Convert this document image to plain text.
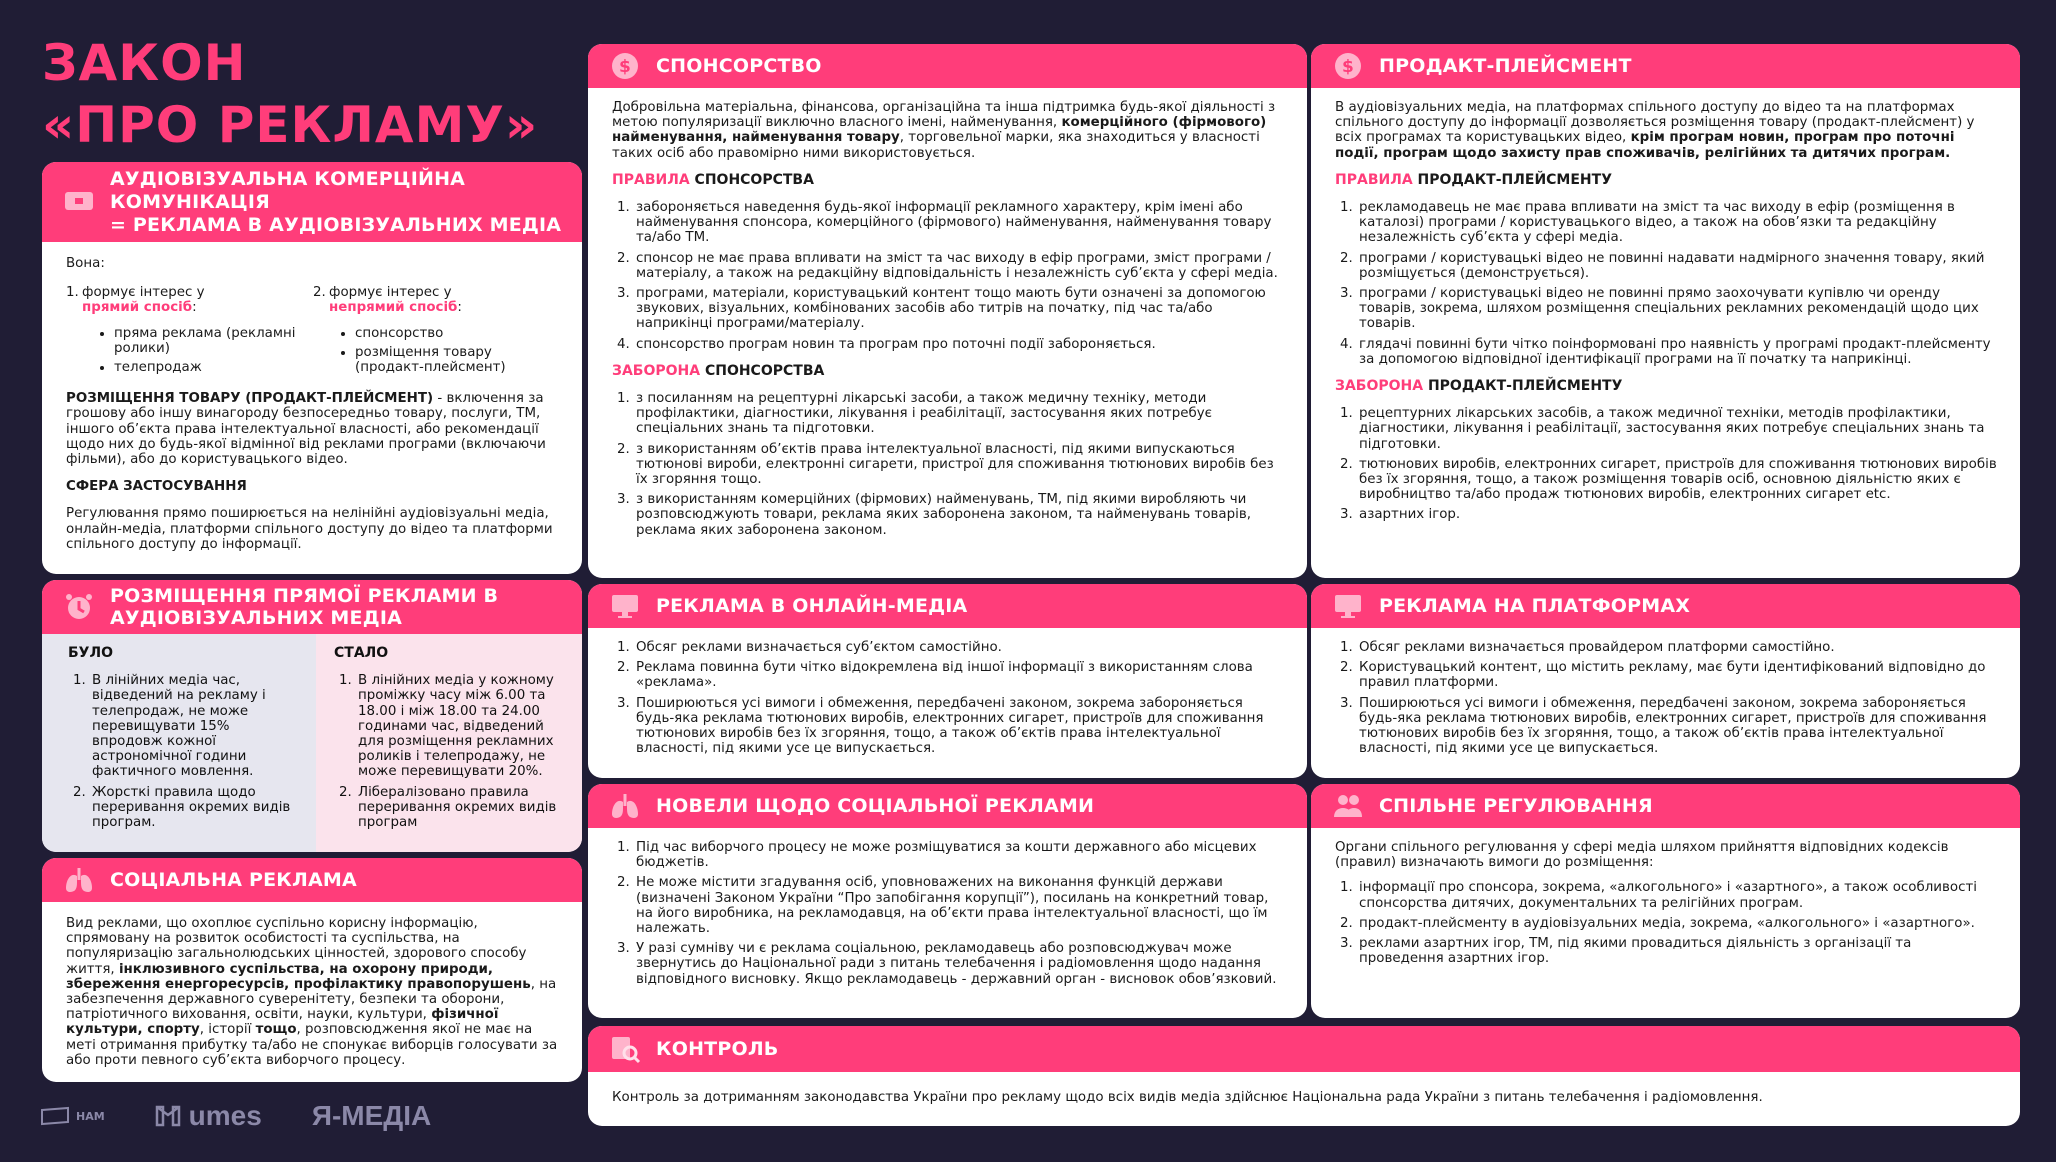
ЗАКОН
«ПРО РЕКЛАМУ»
АУДІОВІЗУАЛЬНА КОМЕРЦІЙНА КОМУНІКАЦІЯ
= РЕКЛАМА В АУДІОВІЗУАЛЬНИХ МЕДІА

Вона:

1. формує інтерес у
прямий спосіб:
• пряма реклама (рекламні ролики)
• телепродаж
2. формує інтерес у
непрямий спосіб:
• спонсорство
• розміщення товару (продакт-плейсмент)

РОЗМІЩЕННЯ ТОВАРУ (ПРОДАКТ-ПЛЕЙСМЕНТ) - включення за грошову або іншу винагороду безпосередньо товару, послуги, ТМ, іншого об’єкта права інтелектуальної власності, або рекомендації щодо них до будь-якої відмінної від реклами програми (включаючи фільми), або до користувацького відео.

СФЕРА ЗАСТОСУВАННЯ

Регулювання прямо поширюється на нелінійні аудіовізуальні медіа, онлайн-медіа, платформи спільного доступу до відео та платформи спільного доступу до інформації.

РОЗМІЩЕННЯ ПРЯМОЇ РЕКЛАМИ В АУДІОВІЗУАЛЬНИХ МЕДІА
БУЛО
1. В лінійних медіа час, відведений на рекламу і телепродаж, не може перевищувати 15% впродовж кожної астрономічної години фактичного мовлення.
2. Жорсткі правила щодо переривання окремих видів програм.
СТАЛО
1. В лінійних медіа у кожному проміжку часу між 6.00 та 18.00 і між 18.00 та 24.00 годинами час, відведений для розміщення рекламних роликів і телепродажу, не може перевищувати 20%.
2. Лібералізовано правила переривання окремих видів програм
СОЦІАЛЬНА РЕКЛАМА

Вид реклами, що охоплює суспільно корисну інформацію, спрямовану на розвиток особистості та суспільства, на популяризацію загальнолюдських цінностей, здорового способу життя, інклюзивного суспільства, на охорону природи, збереження енергоресурсів, профілактику правопорушень, на забезпечення державного суверенітету, безпеки та оборони, патріотичного виховання, освіти, науки, культури, фізичної культури, спорту, історії тощо, розповсюдження якої не має на меті отримання прибутку та/або не спонукає виборців голосувати за або проти певного суб’єкта виборчого процесу.

$ СПОНСОРСТВО

Добровільна матеріальна, фінансова, організаційна та інша підтримка будь-якої діяльності з метою популяризації виключно власного імені, найменування, комерційного (фірмового) найменування, найменування товару, торговельної марки, яка знаходиться у власності таких осіб або правомірно ними використовується.

ПРАВИЛА СПОНСОРСТВА
1. забороняється наведення будь-якої інформації рекламного характеру, крім імені або найменування спонсора, комерційного (фірмового) найменування, найменування товару та/або ТМ.
2. спонсор не має права впливати на зміст та час виходу в ефір програми, зміст програми / матеріалу, а також на редакційну відповідальність і незалежність суб’єкта у сфері медіа.
3. програми, матеріали, користувацький контент тощо мають бути означені за допомогою звукових, візуальних, комбінованих засобів або титрів на початку, під час та/або наприкінці програми/матеріалу.
4. спонсорство програм новин та програм про поточні події забороняється.
ЗАБОРОНА СПОНСОРСТВА
1. з посиланням на рецептурні лікарські засоби, а також медичну техніку, методи профілактики, діагностики, лікування і реабілітації, застосування яких потребує спеціальних знань та підготовки.
2. з використанням об’єктів права інтелектуальної власності, під якими випускаються тютюнові вироби, електронні сигарети, пристрої для споживання тютюнових виробів без їх згоряння тощо.
3. з використанням комерційних (фірмових) найменувань, ТМ, під якими виробляють чи розповсюджують товари, реклама яких заборонена законом, та найменувань товарів, реклама яких заборонена законом.
$ ПРОДАКТ-ПЛЕЙСМЕНТ

В аудіовізуальних медіа, на платформах спільного доступу до відео та на платформах спільного доступу до інформації дозволяється розміщення товару (продакт-плейсмент) у всіх програмах та користувацьких відео, крім програм новин, програм про поточні події, програм щодо захисту прав споживачів, релігійних та дитячих програм.

ПРАВИЛА ПРОДАКТ-ПЛЕЙСМЕНТУ
1. рекламодавець не має права впливати на зміст та час виходу в ефір (розміщення в каталозі) програми / користувацького відео, а також на обов’язки та редакційну незалежність суб’єкта у сфері медіа.
2. програми / користувацькі відео не повинні надавати надмірного значення товару, який розміщується (демонструється).
3. програми / користувацькі відео не повинні прямо заохочувати купівлю чи оренду товарів, зокрема, шляхом розміщення спеціальних рекламних рекомендацій щодо цих товарів.
4. глядачі повинні бути чітко поінформовані про наявність у програмі продакт-плейсменту за допомогою відповідної ідентифікації програми на її початку та наприкінці.
ЗАБОРОНА ПРОДАКТ-ПЛЕЙСМЕНТУ
1. рецептурних лікарських засобів, а також медичної техніки, методів профілактики, діагностики, лікування і реабілітації, застосування яких потребує спеціальних знань та підготовки.
2. тютюнових виробів, електронних сигарет, пристроїв для споживання тютюнових виробів без їх згоряння, тощо, а також розміщення товарів осіб, основною діяльністю яких є виробництво та/або продаж тютюнових виробів, електронних сигарет etc.
3. азартних ігор.
РЕКЛАМА В ОНЛАЙН-МЕДІА
1. Обсяг реклами визначається суб’єктом самостійно.
2. Реклама повинна бути чітко відокремлена від іншої інформації з використанням слова «реклама».
3. Поширюються усі вимоги і обмеження, передбачені законом, зокрема забороняється будь-яка реклама тютюнових виробів, електронних сигарет, пристроїв для споживання тютюнових виробів без їх згоряння, тощо, а також об’єктів права інтелектуальної власності, під якими усе це випускається.
РЕКЛАМА НА ПЛАТФОРМАХ
1. Обсяг реклами визначається провайдером платформи самостійно.
2. Користувацький контент, що містить рекламу, має бути ідентифікований відповідно до правил платформи.
3. Поширюються усі вимоги і обмеження, передбачені законом, зокрема забороняється будь-яка реклама тютюнових виробів, електронних сигарет, пристроїв для споживання тютюнових виробів без їх згоряння, тощо, а також об’єктів права інтелектуальної власності, під якими усе це випускається.
НОВЕЛИ ЩОДО СОЦІАЛЬНОЇ РЕКЛАМИ
1. Під час виборчого процесу не може розміщуватися за кошти державного або місцевих бюджетів.
2. Не може містити згадування осіб, уповноважених на виконання функцій держави (визначені Законом України “Про запобігання корупції”), посилань на конкретний товар, на його виробника, на рекламодавця, на об’єкти права інтелектуальної власності, що їм належать.
3. У разі сумніву чи є реклама соціальною, рекламодавець або розповсюджувач може звернутись до Національної ради з питань телебачення і радіомовлення щодо надання відповідного висновку. Якщо рекламодавець - державний орган - висновок обов’язковий.
СПІЛЬНЕ РЕГУЛЮВАННЯ

Органи спільного регулювання у сфері медіа шляхом прийняття відповідних кодексів (правил) визначають вимоги до розміщення:

1. інформації про спонсора, зокрема, «алкогольного» і «азартного», а також особливості спонсорства дитячих, документальних та релігійних програм.
2. продакт-плейсменту в аудіовізуальних медіа, зокрема, «алкогольного» і «азартного».
3. реклами азартних ігор, ТМ, під якими провадиться діяльність з організації та проведення азартних ігор.
КОНТРОЛЬ

Контроль за дотриманням законодавства України про рекламу щодо всіх видів медіа здійснює Національна рада України з питань телебачення і радіомовлення.

НАМ	umes Я-МЕДІА
